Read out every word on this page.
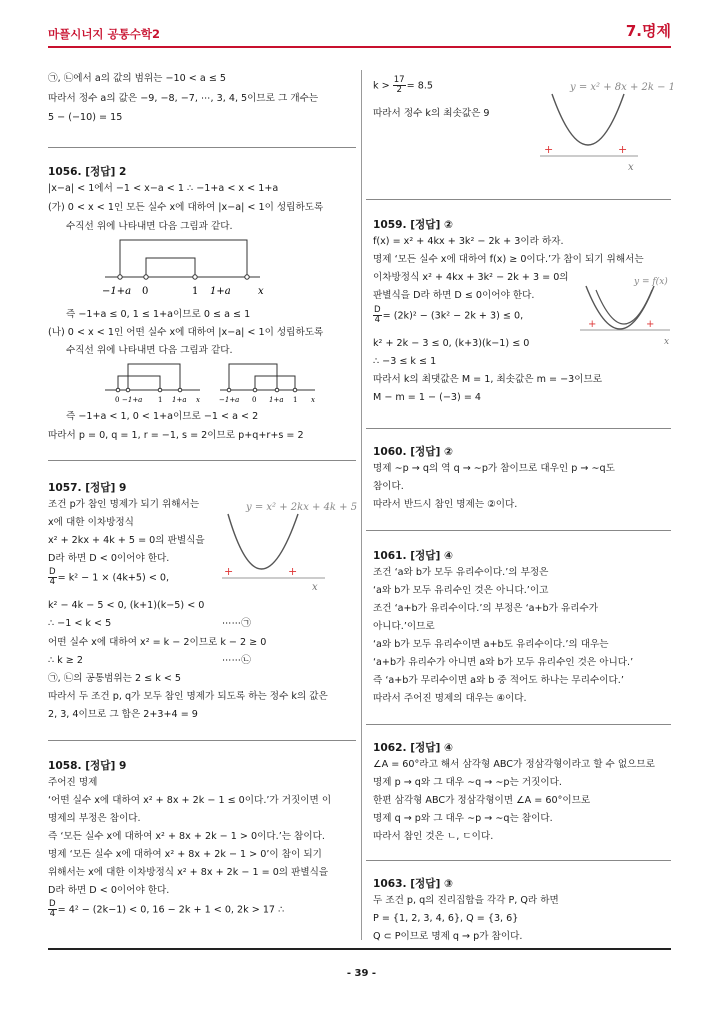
마플시너지 공통수학2	7.명제
㉠, ㉡에서 a의 값의 범위는 −10 < a ≤ 5
따라서 정수 a의 값은 −9, −8, −7, ⋯, 3, 4, 5이므로 그 개수는
5 − (−10) = 15
1056. [정답] 2
|x−a| < 1에서 −1 < x−a < 1 ∴ −1+a < x < 1+a
(가) 0 < x < 1인 모든 실수 x에 대하여 |x−a| < 1이 성립하도록
수직선 위에 나타내면 다음 그림과 같다.
−1+a 0	1 1+a	x
즉 −1+a ≤ 0, 1 ≤ 1+a이므로 0 ≤ a ≤ 1
(나) 0 < x < 1인 어떤 실수 x에 대하여 |x−a| < 1이 성립하도록
수직선 위에 나타내면 다음 그림과 같다.
0 −1+a 1 1+a x	−1+a 0 1+a 1 x
즉 −1+a < 1, 0 < 1+a이므로 −1 < a < 2
따라서 p = 0, q = 1, r = −1, s = 2이므로 p+q+r+s = 2
1057. [정답] 9
조건 p가 참인 명제가 되기 위해서는
x에 대한 이차방정식
x² + 2kx + 4k + 5 = 0의 판별식을
D라 하면 D < 0이어야 한다.
$\frac{D}{4} = k^2 - 1 \times (4k+5) < 0$,
k² − 4k − 5 < 0, (k+1)(k−5) < 0
∴ −1 < k < 5	⋯⋯㉠
어떤 실수 x에 대하여 x² = k − 2이므로 k − 2 ≥ 0
∴ k ≥ 2	⋯⋯㉡
㉠, ㉡의 공통범위는 2 ≤ k < 5
따라서 두 조건 p, q가 모두 참인 명제가 되도록 하는 정수 k의 값은
2, 3, 4이므로 그 합은 2+3+4 = 9
y = x² + 2kx + 4k + 5
+	+
x
1058. [정답] 9
주어진 명제
‘어떤 실수 x에 대하여 x² + 8x + 2k − 1 ≤ 0이다.’가 거짓이면 이
명제의 부정은 참이다.
즉 ‘모든 실수 x에 대하여 x² + 8x + 2k − 1 > 0이다.’는 참이다.
명제 ‘모든 실수 x에 대하여 x² + 8x + 2k − 1 > 0’이 참이 되기
위해서는 x에 대한 이차방정식 x² + 8x + 2k − 1 = 0의 판별식을
D라 하면 D < 0이어야 한다.
$\frac{D}{4} = 4^2 - (2k-1) < 0$, 16 − 2k + 1 < 0, 2k > 17 ∴
$k > \frac{17}{2} = 8.5$
따라서 정수 k의 최솟값은 9
y = x² + 8x + 2k − 1
+	+
x
1059. [정답] ②
f(x) = x² + 4kx + 3k² − 2k + 3이라 하자.
명제 ‘모든 실수 x에 대하여 f(x) ≥ 0이다.’가 참이 되기 위해서는
이차방정식 x² + 4kx + 3k² − 2k + 3 = 0의
판별식을 D라 하면 D ≤ 0이어야 한다.
$\frac{D}{4} = (2k)^2 - (3k^2 - 2k + 3) \le 0$,
k² + 2k − 3 ≤ 0, (k+3)(k−1) ≤ 0
∴ −3 ≤ k ≤ 1
따라서 k의 최댓값은 M = 1, 최솟값은 m = −3이므로
M − m = 1 − (−3) = 4
y = f(x)
+	+
x
1060. [정답] ②
명제 ∼p → q의 역 q → ∼p가 참이므로 대우인 p → ∼q도
참이다.
따라서 반드시 참인 명제는 ②이다.
1061. [정답] ④
조건 ‘a와 b가 모두 유리수이다.’의 부정은
‘a와 b가 모두 유리수인 것은 아니다.’이고
조건 ‘a+b가 유리수이다.’의 부정은 ‘a+b가 유리수가
아니다.’이므로
‘a와 b가 모두 유리수이면 a+b도 유리수이다.’의 대우는
‘a+b가 유리수가 아니면 a와 b가 모두 유리수인 것은 아니다.’
즉 ‘a+b가 무리수이면 a와 b 중 적어도 하나는 무리수이다.’
따라서 주어진 명제의 대우는 ④이다.
1062. [정답] ④
∠A = 60°라고 해서 삼각형 ABC가 정삼각형이라고 할 수 없으므로
명제 p → q와 그 대우 ∼q → ∼p는 거짓이다.
한편 삼각형 ABC가 정삼각형이면 ∠A = 60°이므로
명제 q → p와 그 대우 ∼p → ∼q는 참이다.
따라서 참인 것은 ㄴ, ㄷ이다.
1063. [정답] ③
두 조건 p, q의 진리집합을 각각 P, Q라 하면
P = {1, 2, 3, 4, 6}, Q = {3, 6}
Q ⊂ P이므로 명제 q → p가 참이다.
- 39 -
